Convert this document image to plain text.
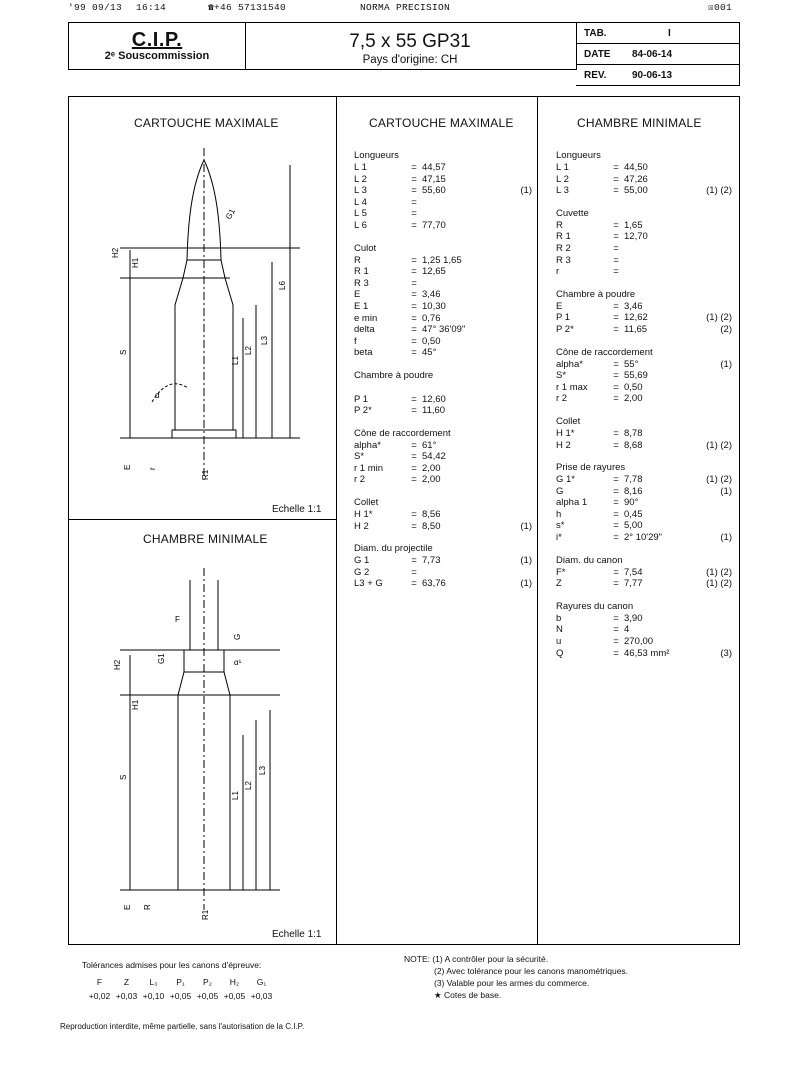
'99 09/13 16:14	☎+46 57131540	NORMA PRECISION	☒001
C.I.P.
2ᵉ Souscommission
7,5 x 55 GP31
Pays d'origine: CH
TAB.	I
DATE	84-06-14
REV.	90-06-13
CARTOUCHE MAXIMALE
Echelle 1:1
CHAMBRE MINIMALE
Echelle 1:1
L6
L3
L2
L1
S
H2
H1
G1
α
E r
R1
L3
L2
L1
S
H2
H1
F
G
G1	α¹
E R
R1
CARTOUCHE MAXIMALE
Longueurs
L 1	= 44,57
L 2	= 47,15
L 3	= 55,60	(1)
L 4	=
L 5	=
L 6	= 77,70
Culot
R	= 1,25 1,65
R 1	= 12,65
R 3	=
E	= 3,46
E 1	= 10,30
e min	= 0,76
delta	= 47° 36'09"
f	= 0,50
beta	= 45°
Chambre à poudre
P 1	= 12,60
P 2*	= 11,60
Cône de raccordement
alpha*	= 61°
S*	= 54,42
r 1 min	= 2,00
r 2	= 2,00
Collet
H 1*	= 8,56
H 2	= 8,50	(1)
Diam. du projectile
G 1	= 7,73	(1)
G 2	=
L3 + G	= 63,76	(1)
CHAMBRE MINIMALE
Longueurs
L 1	= 44,50
L 2	= 47,26
L 3	= 55,00	(1) (2)
Cuvette
R	= 1,65
R 1	= 12,70
R 2	=
R 3	=
r	=
Chambre à poudre
E	= 3,46
P 1	= 12,62	(1) (2)
P 2*	= 11,65	(2)
Cône de raccordement
alpha*	= 55°	(1)
S*	= 55,69
r 1 max	= 0,50
r 2	= 2,00
Collet
H 1*	= 8,78
H 2	= 8,68	(1) (2)
Prise de rayures
G 1*	= 7,78	(1) (2)
G	= 8,16	(1)
alpha 1	= 90°
h	= 0,45
s*	= 5,00
i*	= 2° 10'29"	(1)
Diam. du canon
F*	= 7,54	(1) (2)
Z	= 7,77	(1) (2)
Rayures du canon
b	= 3,90
N	= 4
u	= 270,00
Q	= 46,53 mm²	(3)
Tolérances admises pour les canons d'épreuve:
F	Z	L₃	P₁	P₂	H₂	G₁
+0,02 +0,03 +0,10 +0,05 +0,05 +0,05 +0,03
NOTE: (1) A contrôler pour la sécurité.
(2) Avec tolérance pour les canons manométriques.
(3) Valable pour les armes du commerce.
★ Cotes de base.
Reproduction interdite, même partielle, sans l'autorisation de la C.I.P.
